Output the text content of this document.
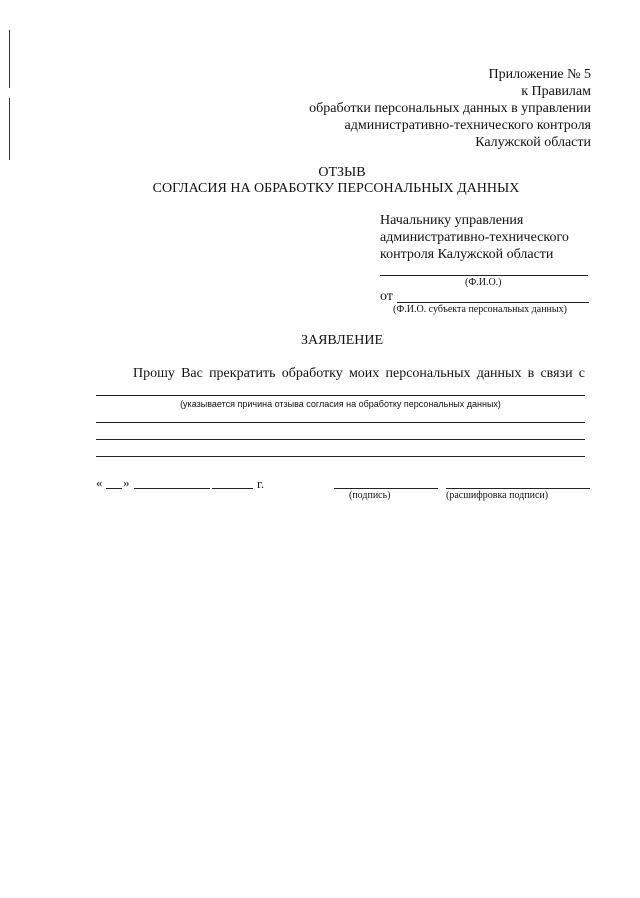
Приложение № 5
к Правилам
обработки персональных данных в управлении
административно-технического контроля
Калужской области
ОТЗЫВ
СОГЛАСИЯ НА ОБРАБОТКУ ПЕРСОНАЛЬНЫХ ДАННЫХ
Начальнику управления
административно-технического
контроля Калужской области
(Ф.И.О.)
от
(Ф.И.О. субъекта персональных данных)
ЗАЯВЛЕНИЕ
Прошу Вас прекратить обработку моих персональных данных в связи с
(указывается причина отзыва согласия на обработку персональных данных)
« »	г.
(подпись)	(расшифровка подписи)
